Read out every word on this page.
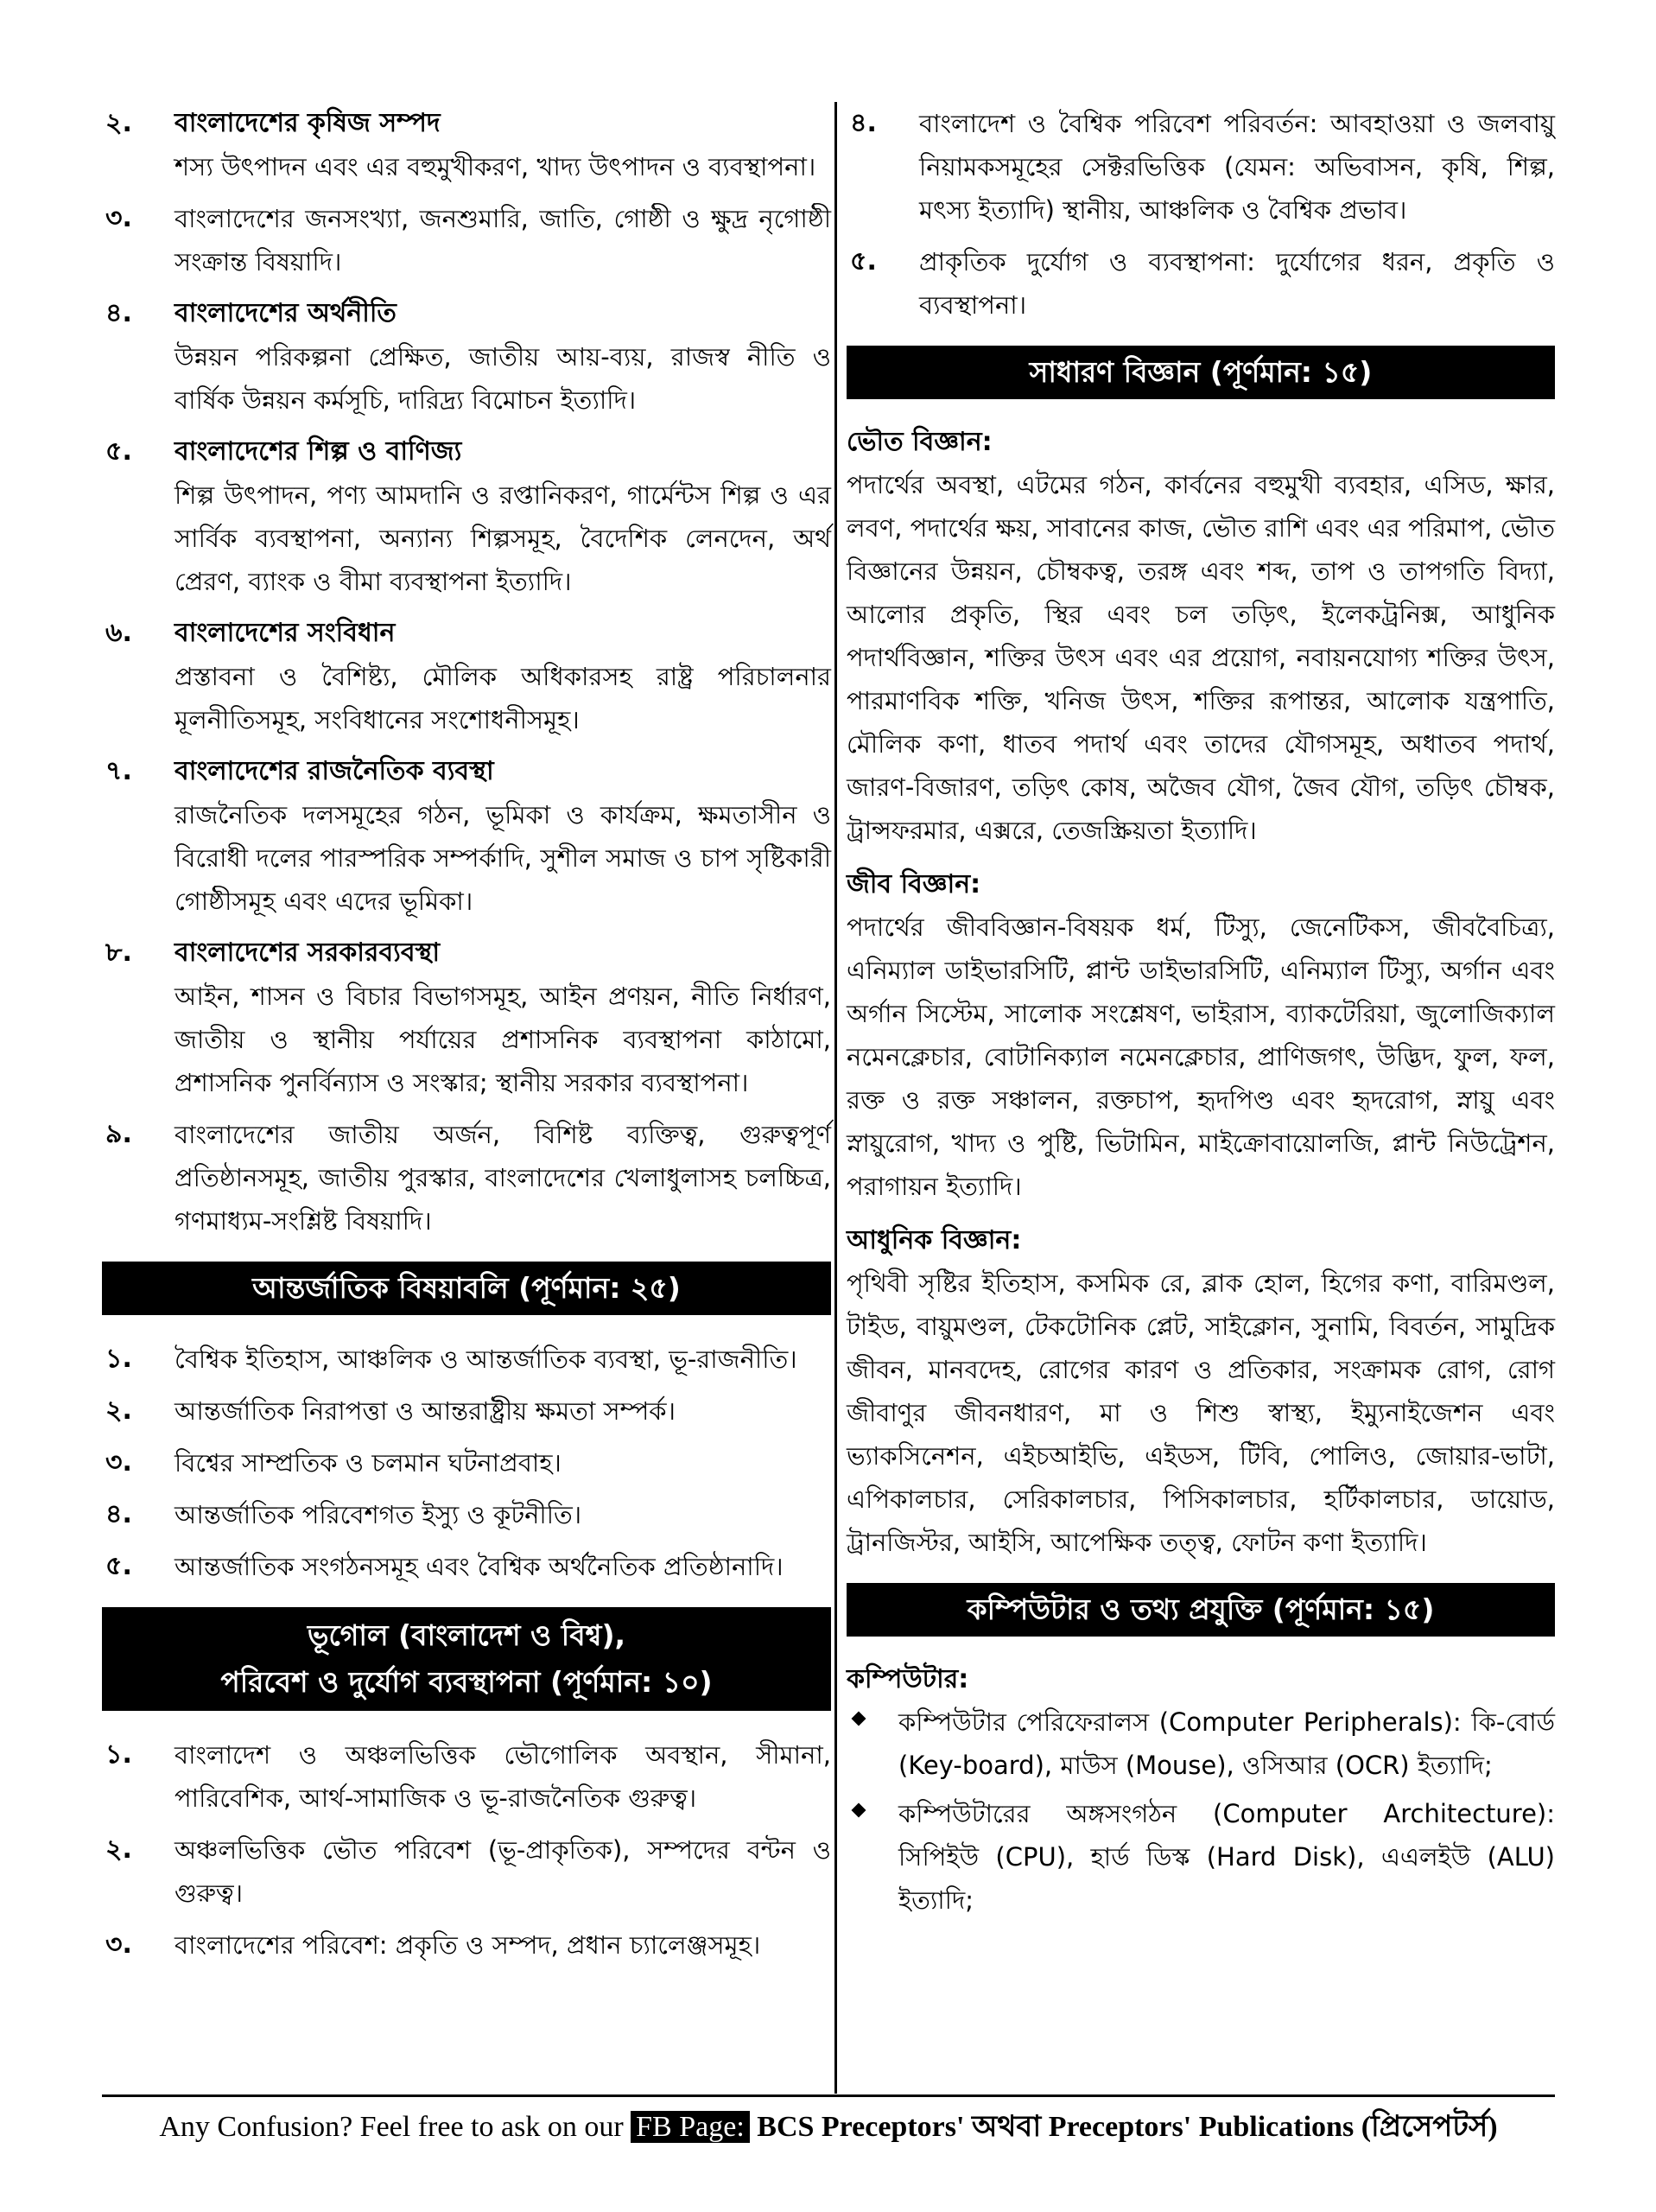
২. বাংলাদেশের কৃষিজ সম্পদ
শস্য উৎপাদন এবং এর বহুমুখীকরণ, খাদ্য উৎপাদন ও ব্যবস্থাপনা।
৩. বাংলাদেশের জনসংখ্যা, জনশুমারি, জাতি, গোষ্ঠী ও ক্ষুদ্র নৃগোষ্ঠী সংক্রান্ত বিষয়াদি।
৪. বাংলাদেশের অর্থনীতি
উন্নয়ন পরিকল্পনা প্রেক্ষিত, জাতীয় আয়-ব্যয়, রাজস্ব নীতি ও বার্ষিক উন্নয়ন কর্মসূচি, দারিদ্র্য বিমোচন ইত্যাদি।
৫. বাংলাদেশের শিল্প ও বাণিজ্য
শিল্প উৎপাদন, পণ্য আমদানি ও রপ্তানিকরণ, গার্মেন্টস শিল্প ও এর সার্বিক ব্যবস্থাপনা, অন্যান্য শিল্পসমূহ, বৈদেশিক লেনদেন, অর্থ প্রেরণ, ব্যাংক ও বীমা ব্যবস্থাপনা ইত্যাদি।
৬. বাংলাদেশের সংবিধান
প্রস্তাবনা ও বৈশিষ্ট্য, মৌলিক অধিকারসহ রাষ্ট্র পরিচালনার মূলনীতিসমূহ, সংবিধানের সংশোধনীসমূহ।
৭. বাংলাদেশের রাজনৈতিক ব্যবস্থা
রাজনৈতিক দলসমূহের গঠন, ভূমিকা ও কার্যক্রম, ক্ষমতাসীন ও বিরোধী দলের পারস্পরিক সম্পর্কাদি, সুশীল সমাজ ও চাপ সৃষ্টিকারী গোষ্ঠীসমূহ এবং এদের ভূমিকা।
৮. বাংলাদেশের সরকারব্যবস্থা
আইন, শাসন ও বিচার বিভাগসমূহ, আইন প্রণয়ন, নীতি নির্ধারণ, জাতীয় ও স্থানীয় পর্যায়ের প্রশাসনিক ব্যবস্থাপনা কাঠামো, প্রশাসনিক পুনর্বিন্যাস ও সংস্কার; স্থানীয় সরকার ব্যবস্থাপনা।
৯. বাংলাদেশের জাতীয় অর্জন, বিশিষ্ট ব্যক্তিত্ব, গুরুত্বপূর্ণ প্রতিষ্ঠানসমূহ, জাতীয় পুরস্কার, বাংলাদেশের খেলাধুলাসহ চলচ্চিত্র, গণমাধ্যম-সংশ্লিষ্ট বিষয়াদি।
আন্তর্জাতিক বিষয়াবলি (পূর্ণমান: ২৫)
১. বৈশ্বিক ইতিহাস, আঞ্চলিক ও আন্তর্জাতিক ব্যবস্থা, ভূ-রাজনীতি।
২. আন্তর্জাতিক নিরাপত্তা ও আন্তরাষ্ট্রীয় ক্ষমতা সম্পর্ক।
৩. বিশ্বের সাম্প্রতিক ও চলমান ঘটনাপ্রবাহ।
৪. আন্তর্জাতিক পরিবেশগত ইস্যু ও কূটনীতি।
৫. আন্তর্জাতিক সংগঠনসমূহ এবং বৈশ্বিক অর্থনৈতিক প্রতিষ্ঠানাদি।
ভূগোল (বাংলাদেশ ও বিশ্ব),
পরিবেশ ও দুর্যোগ ব্যবস্থাপনা (পূর্ণমান: ১০)
১. বাংলাদেশ ও অঞ্চলভিত্তিক ভৌগোলিক অবস্থান, সীমানা, পারিবেশিক, আর্থ-সামাজিক ও ভূ-রাজনৈতিক গুরুত্ব।
২. অঞ্চলভিত্তিক ভৌত পরিবেশ (ভূ-প্রাকৃতিক), সম্পদের বন্টন ও গুরুত্ব।
৩. বাংলাদেশের পরিবেশ: প্রকৃতি ও সম্পদ, প্রধান চ্যালেঞ্জসমূহ।
৪. বাংলাদেশ ও বৈশ্বিক পরিবেশ পরিবর্তন: আবহাওয়া ও জলবায়ু নিয়ামকসমূহের সেক্টরভিত্তিক (যেমন: অভিবাসন, কৃষি, শিল্প, মৎস্য ইত্যাদি) স্থানীয়, আঞ্চলিক ও বৈশ্বিক প্রভাব।
৫. প্রাকৃতিক দুর্যোগ ও ব্যবস্থাপনা: দুর্যোগের ধরন, প্রকৃতি ও ব্যবস্থাপনা।
সাধারণ বিজ্ঞান (পূর্ণমান: ১৫)
ভৌত বিজ্ঞান:
পদার্থের অবস্থা, এটমের গঠন, কার্বনের বহুমুখী ব্যবহার, এসিড, ক্ষার, লবণ, পদার্থের ক্ষয়, সাবানের কাজ, ভৌত রাশি এবং এর পরিমাপ, ভৌত বিজ্ঞানের উন্নয়ন, চৌম্বকত্ব, তরঙ্গ এবং শব্দ, তাপ ও তাপগতি বিদ্যা, আলোর প্রকৃতি, স্থির এবং চল তড়িৎ, ইলেকট্রনিক্স, আধুনিক পদার্থবিজ্ঞান, শক্তির উৎস এবং এর প্রয়োগ, নবায়নযোগ্য শক্তির উৎস, পারমাণবিক শক্তি, খনিজ উৎস, শক্তির রূপান্তর, আলোক যন্ত্রপাতি, মৌলিক কণা, ধাতব পদার্থ এবং তাদের যৌগসমূহ, অধাতব পদার্থ, জারণ-বিজারণ, তড়িৎ কোষ, অজৈব যৌগ, জৈব যৌগ, তড়িৎ চৌম্বক, ট্রান্সফরমার, এক্সরে, তেজস্ক্রিয়তা ইত্যাদি।
জীব বিজ্ঞান:
পদার্থের জীববিজ্ঞান-বিষয়ক ধর্ম, টিস্যু, জেনেটিকস, জীববৈচিত্র্য, এনিম্যাল ডাইভারসিটি, প্লান্ট ডাইভারসিটি, এনিম্যাল টিস্যু, অর্গান এবং অর্গান সিস্টেম, সালোক সংশ্লেষণ, ভাইরাস, ব্যাকটেরিয়া, জুলোজিক্যাল নমেনক্লেচার, বোটানিক্যাল নমেনক্লেচার, প্রাণিজগৎ, উদ্ভিদ, ফুল, ফল, রক্ত ও রক্ত সঞ্চালন, রক্তচাপ, হৃদপিণ্ড এবং হৃদরোগ, স্নায়ু এবং স্নায়ুরোগ, খাদ্য ও পুষ্টি, ভিটামিন, মাইক্রোবায়োলজি, প্লান্ট নিউট্রেশন, পরাগায়ন ইত্যাদি।
আধুনিক বিজ্ঞান:
পৃথিবী সৃষ্টির ইতিহাস, কসমিক রে, ব্লাক হোল, হিগের কণা, বারিমণ্ডল, টাইড, বায়ুমণ্ডল, টেকটোনিক প্লেট, সাইক্লোন, সুনামি, বিবর্তন, সামুদ্রিক জীবন, মানবদেহ, রোগের কারণ ও প্রতিকার, সংক্রামক রোগ, রোগ জীবাণুর জীবনধারণ, মা ও শিশু স্বাস্থ্য, ইম্যুনাইজেশন এবং ভ্যাকসিনেশন, এইচআইভি, এইডস, টিবি, পোলিও, জোয়ার-ভাটা, এপিকালচার, সেরিকালচার, পিসিকালচার, হর্টিকালচার, ডায়োড, ট্রানজিস্টর, আইসি, আপেক্ষিক তত্ত্ব, ফোটন কণা ইত্যাদি।
কম্পিউটার ও তথ্য প্রযুক্তি (পূর্ণমান: ১৫)
কম্পিউটার:
কম্পিউটার পেরিফেরালস (Computer Peripherals): কি-বোর্ড (Key-board), মাউস (Mouse), ওসিআর (OCR) ইত্যাদি;
কম্পিউটারের অঙ্গসংগঠন (Computer Architecture): সিপিইউ (CPU), হার্ড ডিস্ক (Hard Disk), এএলইউ (ALU) ইত্যাদি;
Any Confusion? Feel free to ask on our FB Page: BCS Preceptors' অথবা Preceptors' Publications (প্রিসেপটর্স)
